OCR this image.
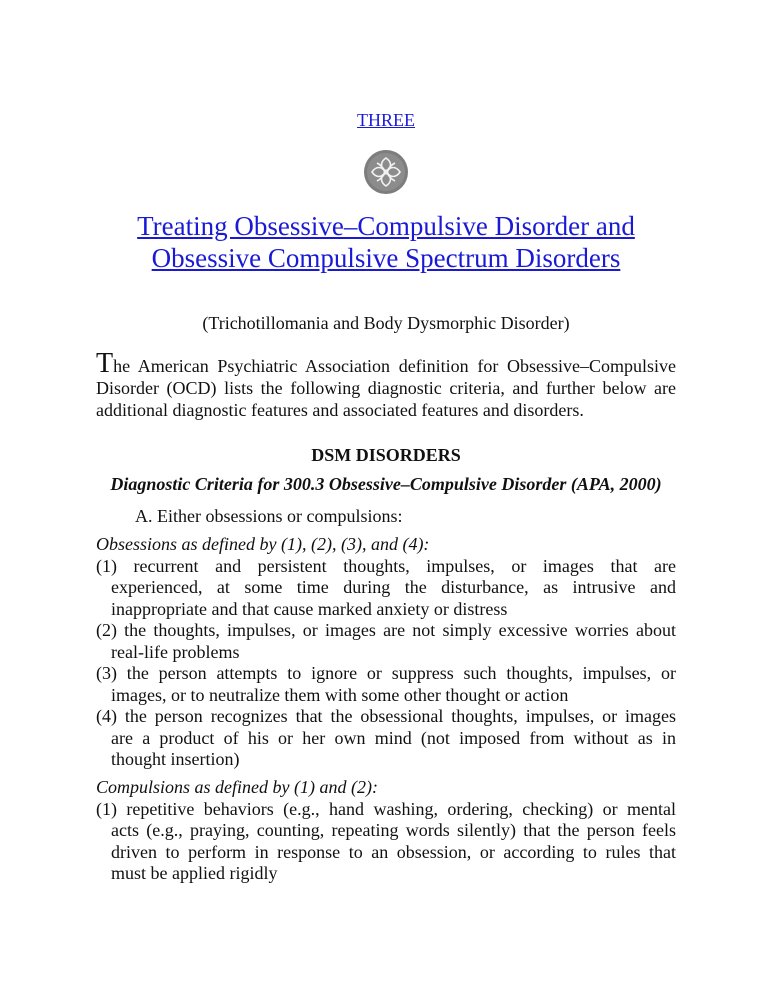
THREE
Treating Obsessive–Compulsive Disorder and
Obsessive Compulsive Spectrum Disorders
(Trichotillomania and Body Dysmorphic Disorder)
The American Psychiatric Association definition for Obsessive–Compulsive
Disorder (OCD) lists the following diagnostic criteria, and further below are
additional diagnostic features and associated features and disorders.
DSM DISORDERS
Diagnostic Criteria for 300.3 Obsessive–Compulsive Disorder (APA, 2000)
A. Either obsessions or compulsions:
Obsessions as defined by (1), (2), (3), and (4):
(1) recurrent and persistent thoughts, impulses, or images that are
experienced, at some time during the disturbance, as intrusive and
inappropriate and that cause marked anxiety or distress
(2) the thoughts, impulses, or images are not simply excessive worries about
real-life problems
(3) the person attempts to ignore or suppress such thoughts, impulses, or
images, or to neutralize them with some other thought or action
(4) the person recognizes that the obsessional thoughts, impulses, or images
are a product of his or her own mind (not imposed from without as in
thought insertion)
Compulsions as defined by (1) and (2):
(1) repetitive behaviors (e.g., hand washing, ordering, checking) or mental
acts (e.g., praying, counting, repeating words silently) that the person feels
driven to perform in response to an obsession, or according to rules that
must be applied rigidly
